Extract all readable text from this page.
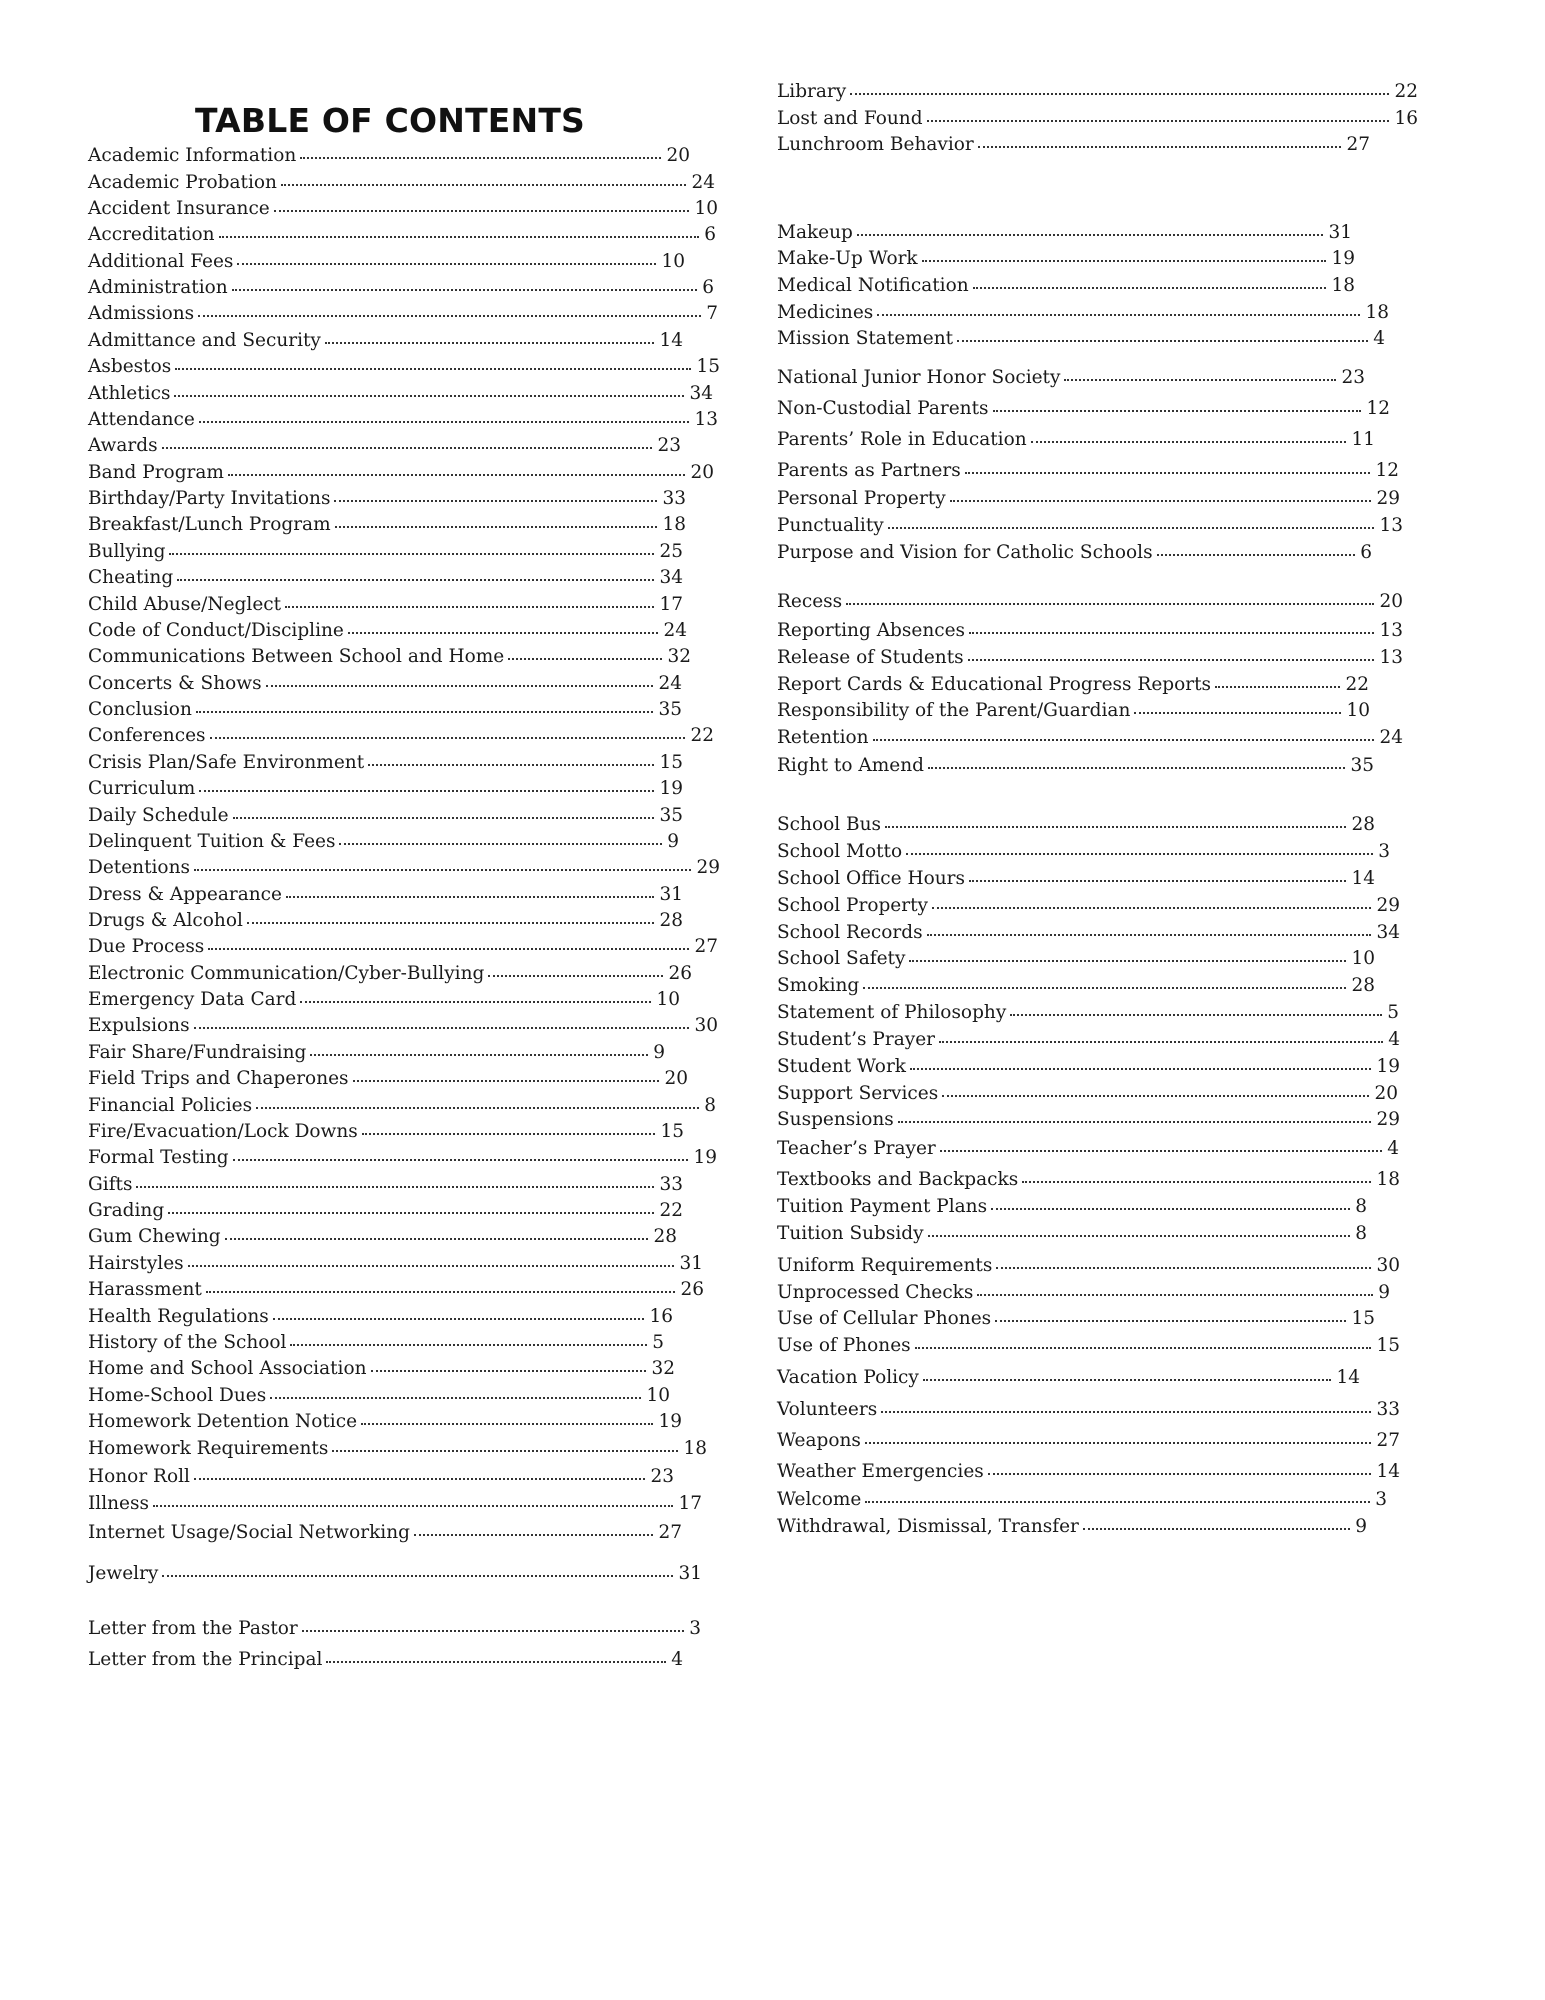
TABLE OF CONTENTS
Academic Information	20
Academic Probation	24
Accident Insurance	10
Accreditation	6
Additional Fees	10
Administration	6
Admissions	7
Admittance and Security	14
Asbestos	15
Athletics	34
Attendance	13
Awards	23
Band Program	20
Birthday/Party Invitations	33
Breakfast/Lunch Program	18
Bullying	25
Cheating	34
Child Abuse/Neglect	17
Code of Conduct/Discipline	24
Communications Between School and Home	32
Concerts & Shows	24
Conclusion	35
Conferences	22
Crisis Plan/Safe Environment	15
Curriculum	19
Daily Schedule	35
Delinquent Tuition & Fees	9
Detentions	29
Dress & Appearance	31
Drugs & Alcohol	28
Due Process	27
Electronic Communication/Cyber-Bullying	26
Emergency Data Card	10
Expulsions	30
Fair Share/Fundraising	9
Field Trips and Chaperones	20
Financial Policies	8
Fire/Evacuation/Lock Downs	15
Formal Testing	19
Gifts	33
Grading	22
Gum Chewing	28
Hairstyles	31
Harassment	26
Health Regulations	16
History of the School	5
Home and School Association	32
Home-School Dues	10
Homework Detention Notice	19
Homework Requirements	18
Honor Roll	23
Illness	17
Internet Usage/Social Networking	27
Jewelry	31
Letter from the Pastor	3
Letter from the Principal	4
Library	22
Lost and Found	16
Lunchroom Behavior	27
Makeup	31
Make-Up Work	19
Medical Notification	18
Medicines	18
Mission Statement	4
National Junior Honor Society	23
Non-Custodial Parents	12
Parents’ Role in Education	11
Parents as Partners	12
Personal Property	29
Punctuality	13
Purpose and Vision for Catholic Schools	6
Recess	20
Reporting Absences	13
Release of Students	13
Report Cards & Educational Progress Reports	22
Responsibility of the Parent/Guardian	10
Retention	24
Right to Amend	35
School Bus	28
School Motto	3
School Office Hours	14
School Property	29
School Records	34
School Safety	10
Smoking	28
Statement of Philosophy	5
Student’s Prayer	4
Student Work	19
Support Services	20
Suspensions	29
Teacher’s Prayer	4
Textbooks and Backpacks	18
Tuition Payment Plans	8
Tuition Subsidy	8
Uniform Requirements	30
Unprocessed Checks	9
Use of Cellular Phones	15
Use of Phones	15
Vacation Policy	14
Volunteers	33
Weapons	27
Weather Emergencies	14
Welcome	3
Withdrawal, Dismissal, Transfer	9
